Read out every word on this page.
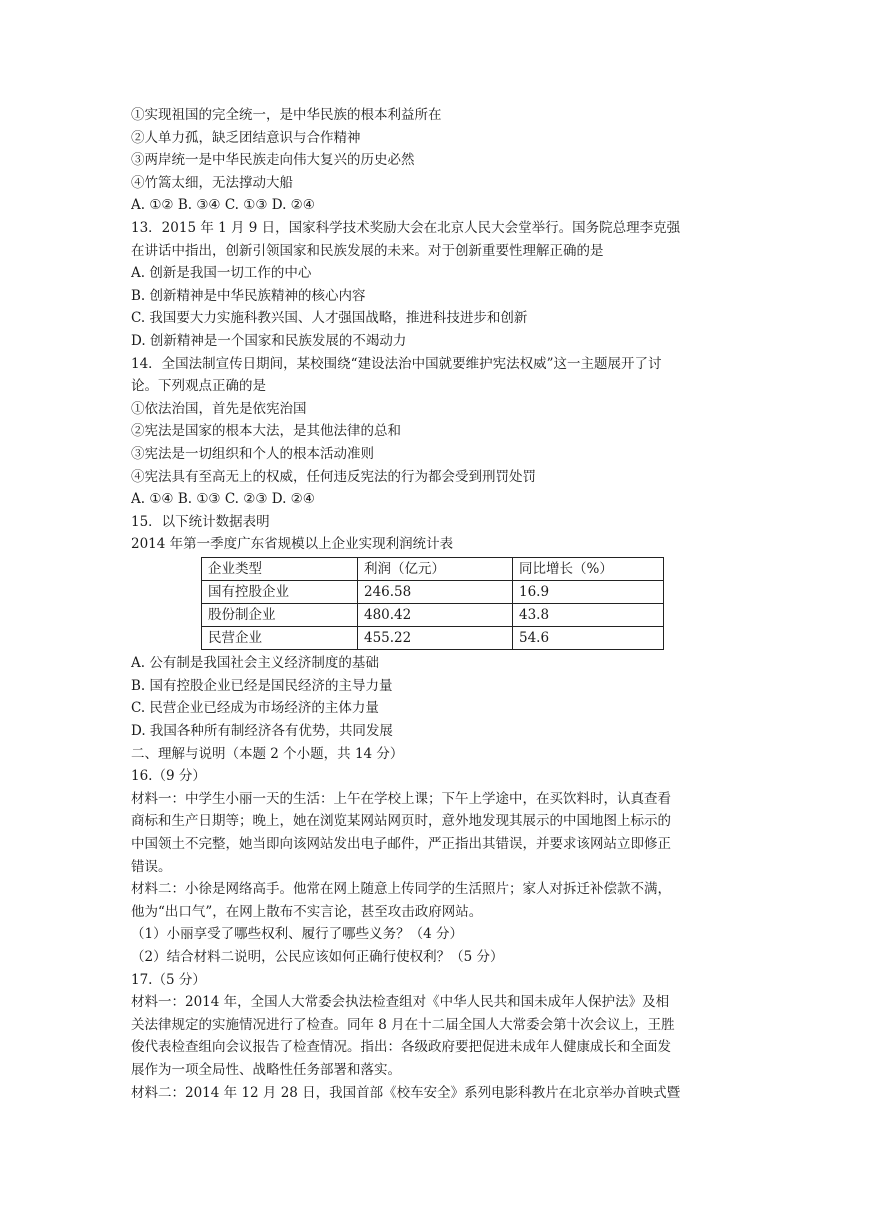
①实现祖国的完全统一，是中华民族的根本利益所在
②人单力孤，缺乏团结意识与合作精神
③两岸统一是中华民族走向伟大复兴的历史必然
④竹篙太细，无法撑动大船
A. ①② B. ③④ C. ①③ D. ②④
13．2015 年 1 月 9 日，国家科学技术奖励大会在北京人民大会堂举行。国务院总理李克强
在讲话中指出，创新引领国家和民族发展的未来。对于创新重要性理解正确的是
A. 创新是我国一切工作的中心
B. 创新精神是中华民族精神的核心内容
C. 我国要大力实施科教兴国、人才强国战略，推进科技进步和创新
D. 创新精神是一个国家和民族发展的不竭动力
14．全国法制宣传日期间，某校围绕“建设法治中国就要维护宪法权威”这一主题展开了讨
论。下列观点正确的是
①依法治国，首先是依宪治国
②宪法是国家的根本大法，是其他法律的总和
③宪法是一切组织和个人的根本活动准则
④宪法具有至高无上的权威，任何违反宪法的行为都会受到刑罚处罚
A. ①④ B. ①③ C. ②③ D. ②④
15．以下统计数据表明
2014 年第一季度广东省规模以上企业实现利润统计表
企业类型	利润（亿元）	同比增长（%）
国有控股企业	246.58	16.9
股份制企业	480.42	43.8
民营企业	455.22	54.6
A. 公有制是我国社会主义经济制度的基础
B. 国有控股企业已经是国民经济的主导力量
C. 民营企业已经成为市场经济的主体力量
D. 我国各种所有制经济各有优势，共同发展
二、理解与说明（本题 2 个小题，共 14 分）
16.（9 分）
材料一：中学生小丽一天的生活：上午在学校上课；下午上学途中，在买饮料时，认真查看
商标和生产日期等；晚上，她在浏览某网站网页时，意外地发现其展示的中国地图上标示的
中国领土不完整，她当即向该网站发出电子邮件，严正指出其错误，并要求该网站立即修正
错误。
材料二：小徐是网络高手。他常在网上随意上传同学的生活照片；家人对拆迁补偿款不满，
他为“出口气”，在网上散布不实言论，甚至攻击政府网站。
（1）小丽享受了哪些权利、履行了哪些义务？（4 分）
（2）结合材料二说明，公民应该如何正确行使权利？（5 分）
17.（5 分）
材料一：2014 年，全国人大常委会执法检查组对《中华人民共和国未成年人保护法》及相
关法律规定的实施情况进行了检查。同年 8 月在十二届全国人大常委会第十次会议上，王胜
俊代表检查组向会议报告了检查情况。指出：各级政府要把促进未成年人健康成长和全面发
展作为一项全局性、战略性任务部署和落实。
材料二：2014 年 12 月 28 日，我国首部《校车安全》系列电影科教片在北京举办首映式暨
